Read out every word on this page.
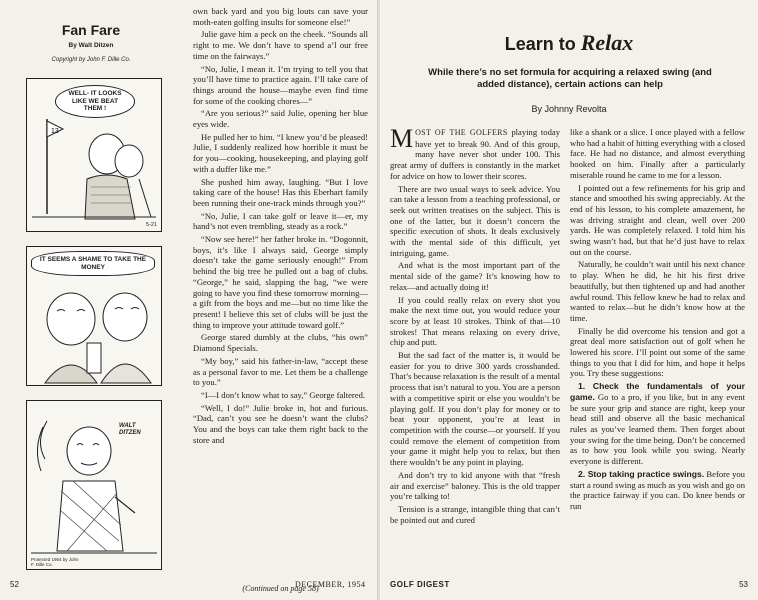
Fan Fare
By Walt Ditzen
Copyright by John F. Dille Co.
13
WELL- IT LOOKS LIKE WE BEAT THEM !
5-21
IT SEEMS A SHAME TO TAKE THE MONEY
WALT DITZEN
Protected 1954 by John F. Dille Co.

own back yard and you big louts can save your moth-eaten golfing insults for someone else!”

Julie gave him a peck on the cheek. “Sounds all right to me. We don’t have to spend a’l our free time on the fairways.”

“No, Julie, I mean it. I’m trying to tell you that you’ll have time to practice again. I’ll take care of things around the house—maybe even find time for some of the cooking chores—”

“Are you serious?” said Julie, opening her blue eyes wide.

He pulled her to him. “I knew you’d be pleased! Julie, I suddenly realized how horrible it must be for you—cooking, housekeeping, and playing golf with a duffer like me.”

She pushed him away, laughing. “But I love taking care of the house! Has this Eberhart family been running their one-track minds through you?”

“No, Julie, I can take golf or leave it—er, my hand’s not even trembling, steady as a rock.”

“Now see here!” her father broke in. “Dogonnit, boys, it’s like I always said, George simply doesn’t take the game seriously enough!” From behind the big tree he pulled out a bag of clubs. “George,” he said, slapping the bag, “we were going to have you find these tomorrow morning—a gift from the boys and me—but no time like the present! I believe this set of clubs will be just the thing to improve your attitude toward golf.”

George stared dumbly at the clubs, “his own” Diamond Specials.

“My boy,” said his father-in-law, “accept these as a personal favor to me. Let them be a challenge to you.”

“I—I don’t know what to say,” George faltered.

“Well, I do!” Julie broke in, hot and furious. “Dad, can’t you see he doesn’t want the clubs? You and the boys can take them right back to the store and

(Continued on page 58)
52	DECEMBER, 1954
Learn to Relax
While there’s no set formula for acquiring a relaxed swing (and added distance), certain actions can help
By Johnny Revolta

MOST OF THE GOLFERS playing today have yet to break 90. And of this group, many have never shot under 100. This great army of duffers is constantly in the market for advice on how to lower their scores.

There are two usual ways to seek advice. You can take a lesson from a teaching professional, or seek out written treatises on the subject. This is one of the latter, but it doesn’t concern the specific execution of shots. It deals exclusively with the mental side of this difficult, yet intriguing, game.

And what is the most important part of the mental side of the game? It’s knowing how to relax—and actually doing it!

If you could really relax on every shot you make the next time out, you would reduce your score by at least 10 strokes. Think of that—10 strokes! That means relaxing on every drive, chip and putt.

But the sad fact of the matter is, it would be easier for you to drive 300 yards crosshanded. That’s because relaxation is the result of a mental process that isn’t natural to you. You are a person with a competitive spirit or else you wouldn’t be playing golf. If you don’t play for money or to beat your opponent, you’re at least in competition with the course—or yourself. If you could remove the element of competition from your game it might help you to relax, but then there wouldn’t be any point in playing.

And don’t try to kid anyone with that “fresh air and exercise” baloney. This is the old trapper you’re talking to!

Tension is a strange, intangible thing that can’t be pointed out and cured

like a shank or a slice. I once played with a fellow who had a habit of hitting everything with a closed face. He had no distance, and almost everything hooked on him. Finally after a particularly miserable round he came to me for a lesson.

I pointed out a few refinements for his grip and stance and smoothed his swing appreciably. At the end of his lesson, to his complete amazement, he was driving straight and clean, well over 200 yards. He was completely relaxed. I told him his swing wasn’t bad, but that he’d just have to relax out on the course.

Naturally, he couldn’t wait until his next chance to play. When he did, he hit his first drive beautifully, but then tightened up and had another awful round. This fellow knew he had to relax and wanted to relax—but he didn’t know how at the time.

Finally he did overcome his tension and got a great deal more satisfaction out of golf when he lowered his score. I’ll point out some of the same things to you that I did for him, and hope it helps you. Try these suggestions:

1. Check the fundamentals of your game. Go to a pro, if you like, but in any event be sure your grip and stance are right, keep your head still and observe all the basic mechanical rules as you’ve learned them. Then forget about your swing for the time being. Don’t be concerned as to how you look while you swing. Nearly everyone is different.

2. Stop taking practice swings. Before you start a round swing as much as you wish and go on the practice fairway if you can. Do knee bends or run

GOLF DIGEST	53
